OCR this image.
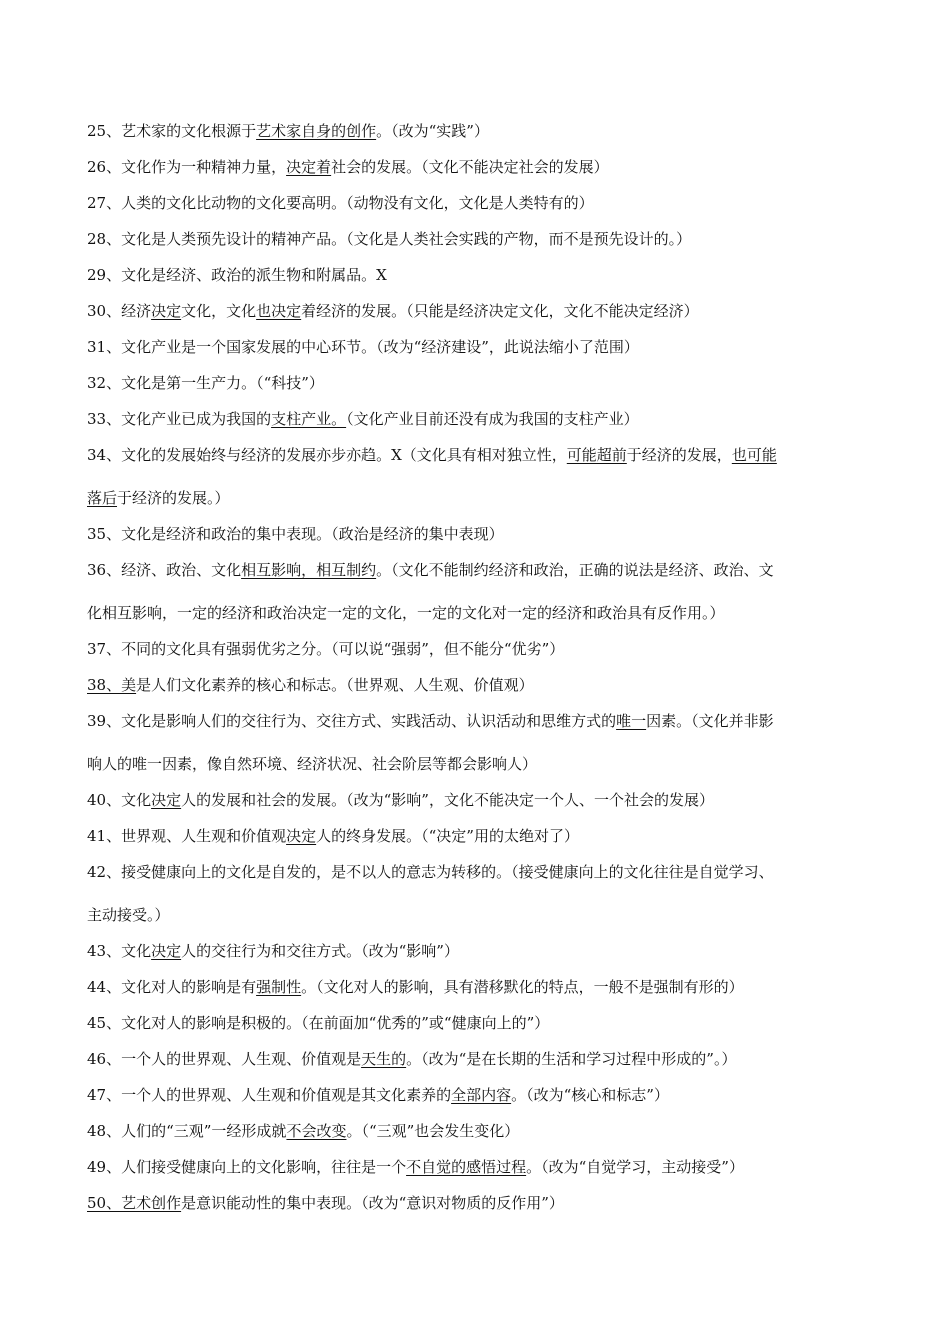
25、艺术家的文化根源于艺术家自身的创作。（改为“实践”）
26、文化作为一种精神力量，决定着社会的发展。（文化不能决定社会的发展）
27、人类的文化比动物的文化要高明。（动物没有文化，文化是人类特有的）
28、文化是人类预先设计的精神产品。（文化是人类社会实践的产物，而不是预先设计的。）
29、文化是经济、政治的派生物和附属品。X
30、经济决定文化，文化也决定着经济的发展。（只能是经济决定文化，文化不能决定经济）
31、文化产业是一个国家发展的中心环节。（改为“经济建设”，此说法缩小了范围）
32、文化是第一生产力。（“科技”）
33、文化产业已成为我国的支柱产业。（文化产业目前还没有成为我国的支柱产业）
34、文化的发展始终与经济的发展亦步亦趋。X（文化具有相对独立性，可能超前于经济的发展，也可能
落后于经济的发展。）
35、文化是经济和政治的集中表现。（政治是经济的集中表现）
36、经济、政治、文化相互影响，相互制约。（文化不能制约经济和政治，正确的说法是经济、政治、文
化相互影响，一定的经济和政治决定一定的文化，一定的文化对一定的经济和政治具有反作用。）
37、不同的文化具有强弱优劣之分。（可以说“强弱”，但不能分“优劣”）
38、美是人们文化素养的核心和标志。（世界观、人生观、价值观）
39、文化是影响人们的交往行为、交往方式、实践活动、认识活动和思维方式的唯一因素。（文化并非影
响人的唯一因素，像自然环境、经济状况、社会阶层等都会影响人）
40、文化决定人的发展和社会的发展。（改为“影响”，文化不能决定一个人、一个社会的发展）
41、世界观、人生观和价值观决定人的终身发展。（“决定”用的太绝对了）
42、接受健康向上的文化是自发的，是不以人的意志为转移的。（接受健康向上的文化往往是自觉学习、
主动接受。）
43、文化决定人的交往行为和交往方式。（改为“影响”）
44、文化对人的影响是有强制性。（文化对人的影响，具有潜移默化的特点，一般不是强制有形的）
45、文化对人的影响是积极的。（在前面加“优秀的”或“健康向上的”）
46、一个人的世界观、人生观、价值观是天生的。（改为“是在长期的生活和学习过程中形成的”。）
47、一个人的世界观、人生观和价值观是其文化素养的全部内容。（改为“核心和标志”）
48、人们的“三观”一经形成就不会改变。（“三观”也会发生变化）
49、人们接受健康向上的文化影响，往往是一个不自觉的感悟过程。（改为“自觉学习，主动接受”）
50、艺术创作是意识能动性的集中表现。（改为“意识对物质的反作用”）
